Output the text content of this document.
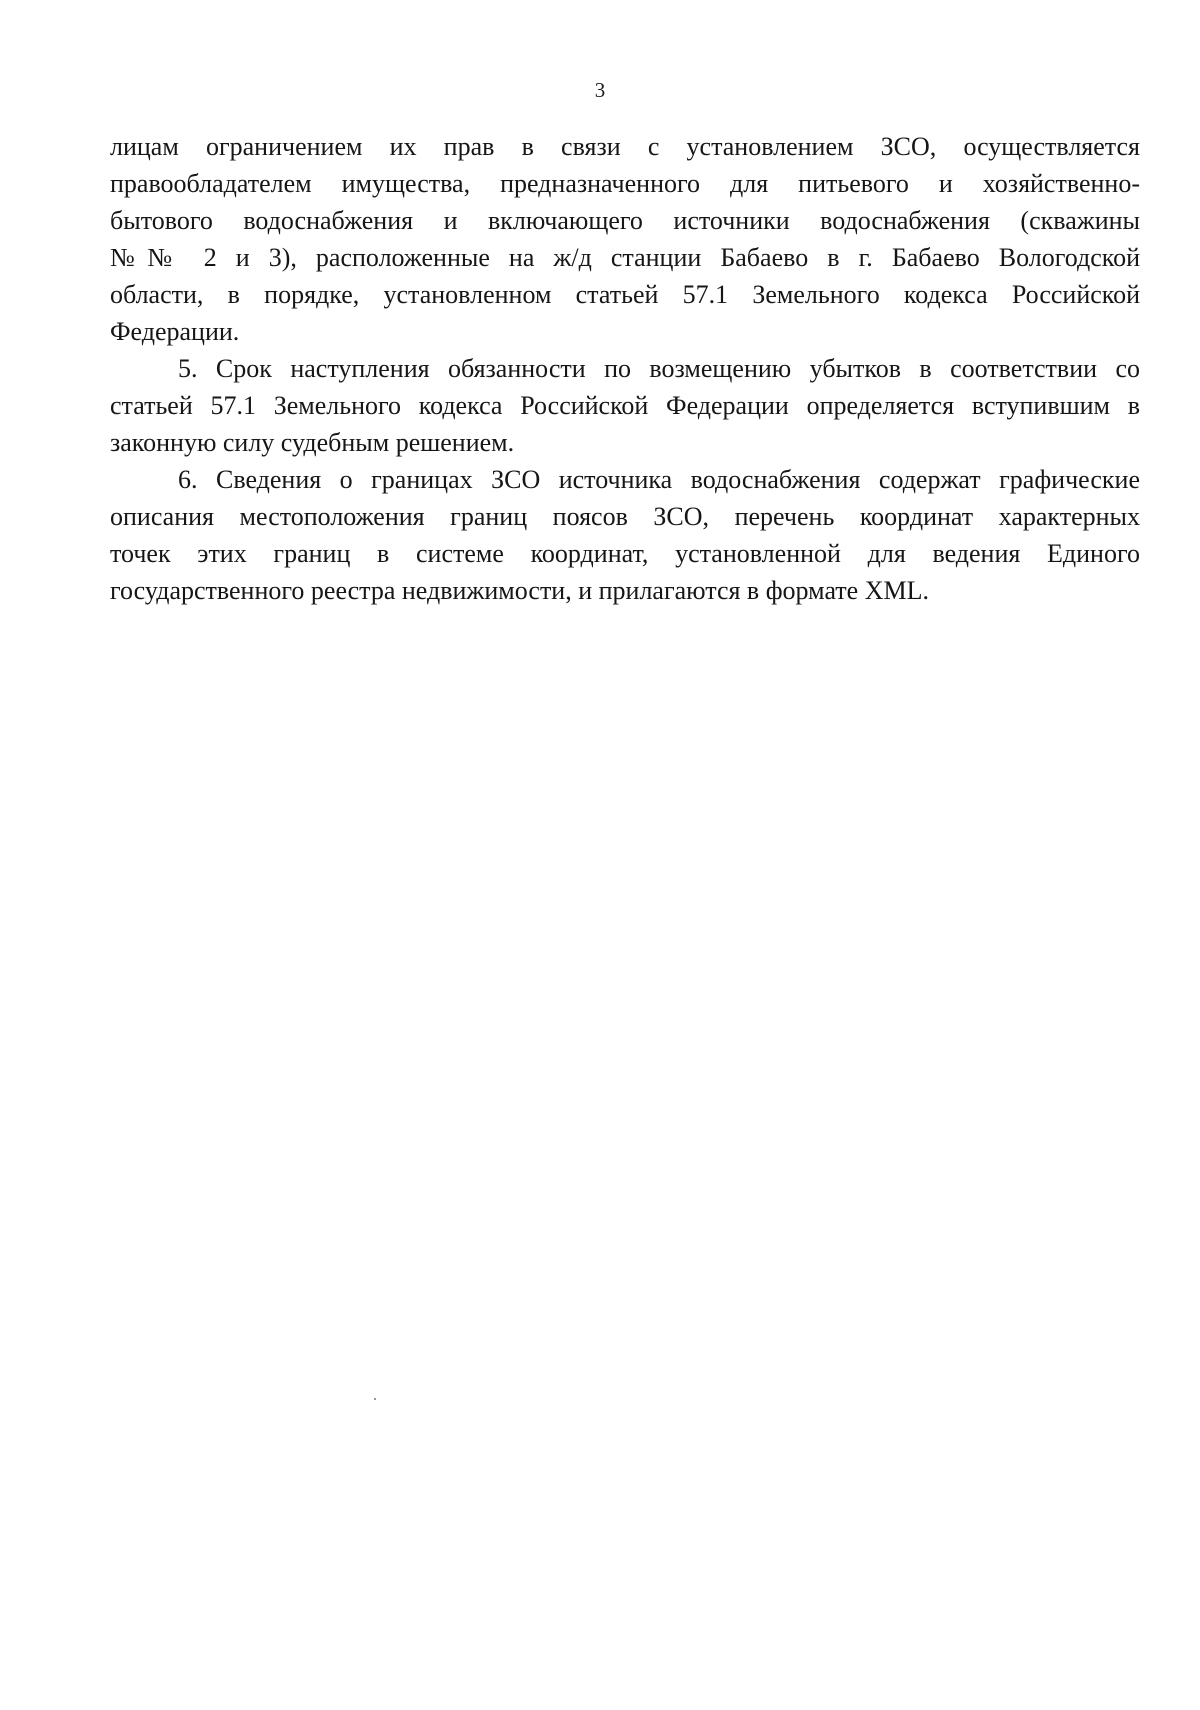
3
лицам ограничением их прав в связи с установлением ЗСО, осуществляется
правообладателем имущества, предназначенного для питьевого и хозяйственно-
бытового водоснабжения и включающего источники водоснабжения (скважины
№№ 2 и 3), расположенные на ж/д станции Бабаево в г. Бабаево Вологодской
области, в порядке, установленном статьей 57.1 Земельного кодекса Российской
Федерации.
5. Срок наступления обязанности по возмещению убытков в соответствии со
статьей 57.1 Земельного кодекса Российской Федерации определяется вступившим в
законную силу судебным решением.
6. Сведения о границах ЗСО источника водоснабжения содержат графические
описания местоположения границ поясов ЗСО, перечень координат характерных
точек этих границ в системе координат, установленной для ведения Единого
государственного реестра недвижимости, и прилагаются в формате XML.
